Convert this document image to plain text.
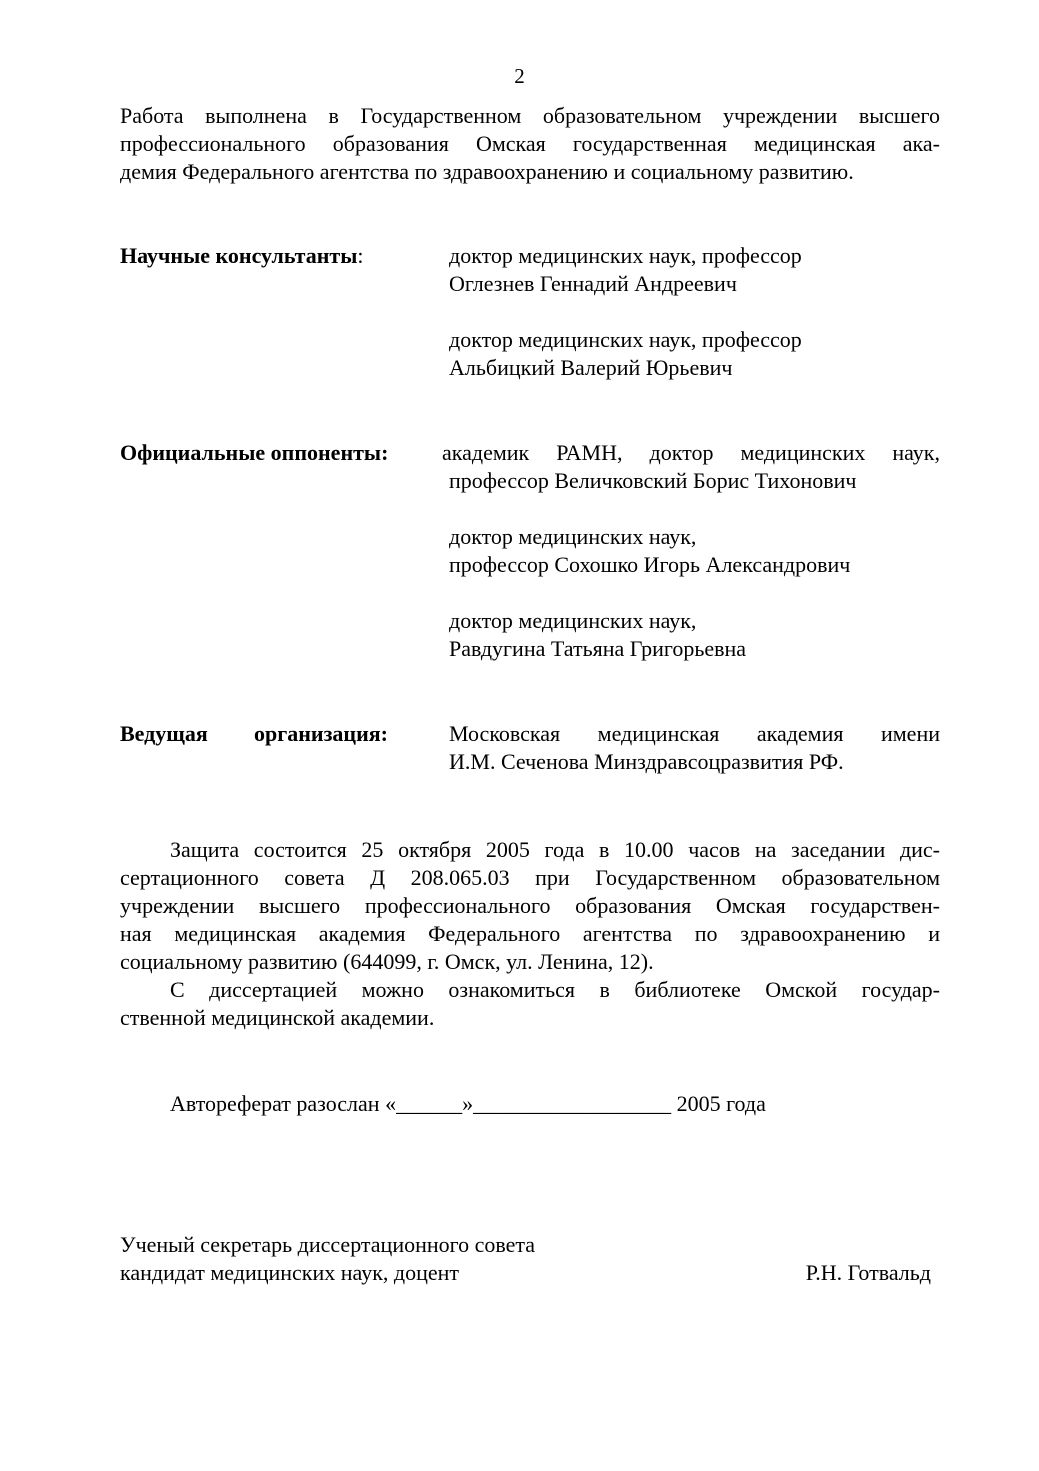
2
Работа выполнена в Государственном образовательном учреждении высшего
профессионального образования Омская государственная медицинская ака-
демия Федерального агентства по здравоохранению и социальному развитию.
Научные консультанты:	доктор медицинских наук, профессор
Оглезнев Геннадий Андреевич
доктор медицинских наук, профессор
Альбицкий Валерий Юрьевич
Официальные оппоненты: академик РАМН, доктор медицинских наук,
профессор Величковский Борис Тихонович
доктор медицинских наук,
профессор Сохошко Игорь Александрович
доктор медицинских наук,
Равдугина Татьяна Григорьевна
Ведущая организация:	Московская медицинская академия имени
И.М. Сеченова Минздравсоцразвития РФ.
Защита состоится 25 октября 2005 года в 10.00 часов на заседании дис-
сертационного совета Д 208.065.03 при Государственном образовательном
учреждении высшего профессионального образования Омская государствен-
ная медицинская академия Федерального агентства по здравоохранению и
социальному развитию (644099, г. Омск, ул. Ленина, 12).
С диссертацией можно ознакомиться в библиотеке Омской государ-
ственной медицинской академии.
Автореферат разослан «______»__________________ 2005 года
Ученый секретарь диссертационного совета
кандидат медицинских наук, доцент	Р.Н. Готвальд
